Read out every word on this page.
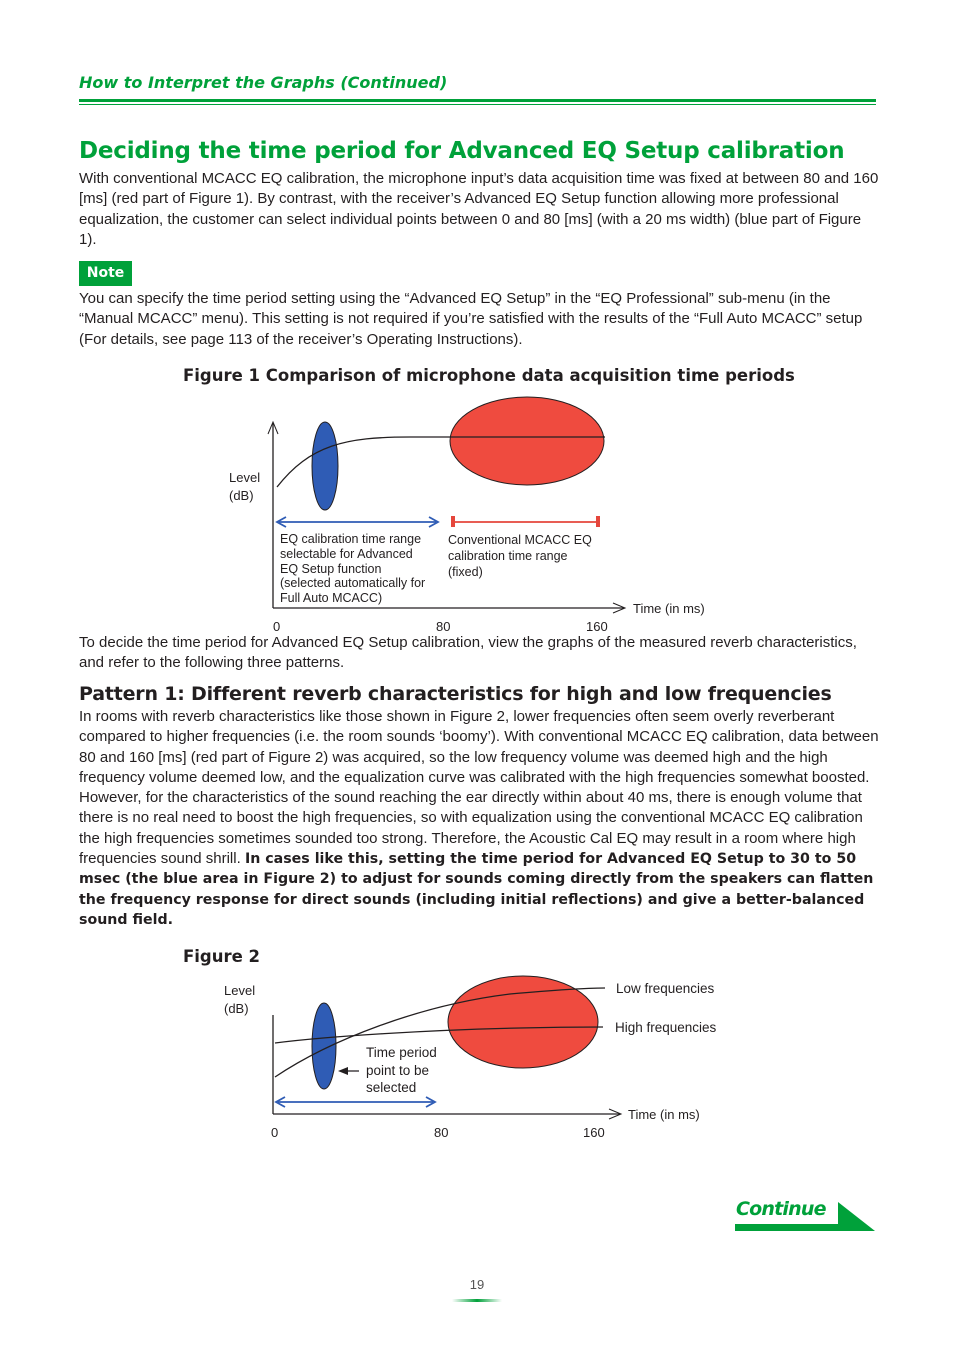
How to Interpret the Graphs (Continued)
Deciding the time period for Advanced EQ Setup calibration
With conventional MCACC EQ calibration, the microphone input’s data acquisition time was fixed at between 80 and 160 [ms] (red part of Figure 1). By contrast, with the receiver’s Advanced EQ Setup function allowing more professional equalization, the customer can select individual points between 0 and 80 [ms] (with a 20 ms width) (blue part of Figure 1).
Note
You can specify the time period setting using the “Advanced EQ Setup” in the “EQ Professional” sub-menu (in the “Manual MCACC” menu). This setting is not required if you’re satisfied with the results of the “Full Auto MCACC” setup (For details, see page 113 of the receiver’s Operating Instructions).
Figure 1 Comparison of microphone data acquisition time periods
Level
(dB)
EQ calibration time range
selectable for Advanced
EQ Setup function
(selected automatically for
Full Auto MCACC)
Conventional MCACC EQ
calibration time range
(fixed)
Time (in ms)
0	80	160
To decide the time period for Advanced EQ Setup calibration, view the graphs of the measured reverb characteristics, and refer to the following three patterns.
Pattern 1: Different reverb characteristics for high and low frequencies
In rooms with reverb characteristics like those shown in Figure 2, lower frequencies often seem overly reverberant compared to higher frequencies (i.e. the room sounds ‘boomy’). With conventional MCACC EQ calibration, data between 80 and 160 [ms] (red part of Figure 2) was acquired, so the low frequency volume was deemed high and the high frequency volume deemed low, and the equalization curve was calibrated with the high frequencies somewhat boosted. However, for the characteristics of the sound reaching the ear directly within about 40 ms, there is enough volume that there is no real need to boost the high frequencies, so with equalization using the conventional MCACC EQ calibration the high frequencies sometimes sounded too strong. Therefore, the Acoustic Cal EQ may result in a room where high frequencies sound shrill. In cases like this, setting the time period for Advanced EQ Setup to 30 to 50 msec (the blue area in Figure 2) to adjust for sounds coming directly from the speakers can flatten the frequency response for direct sounds (including initial reflections) and give a better-balanced sound field.
Figure 2
Level
(dB)
Low frequencies
High frequencies
Time period
point to be
selected
Time (in ms)
0	80	160
Continue
19
